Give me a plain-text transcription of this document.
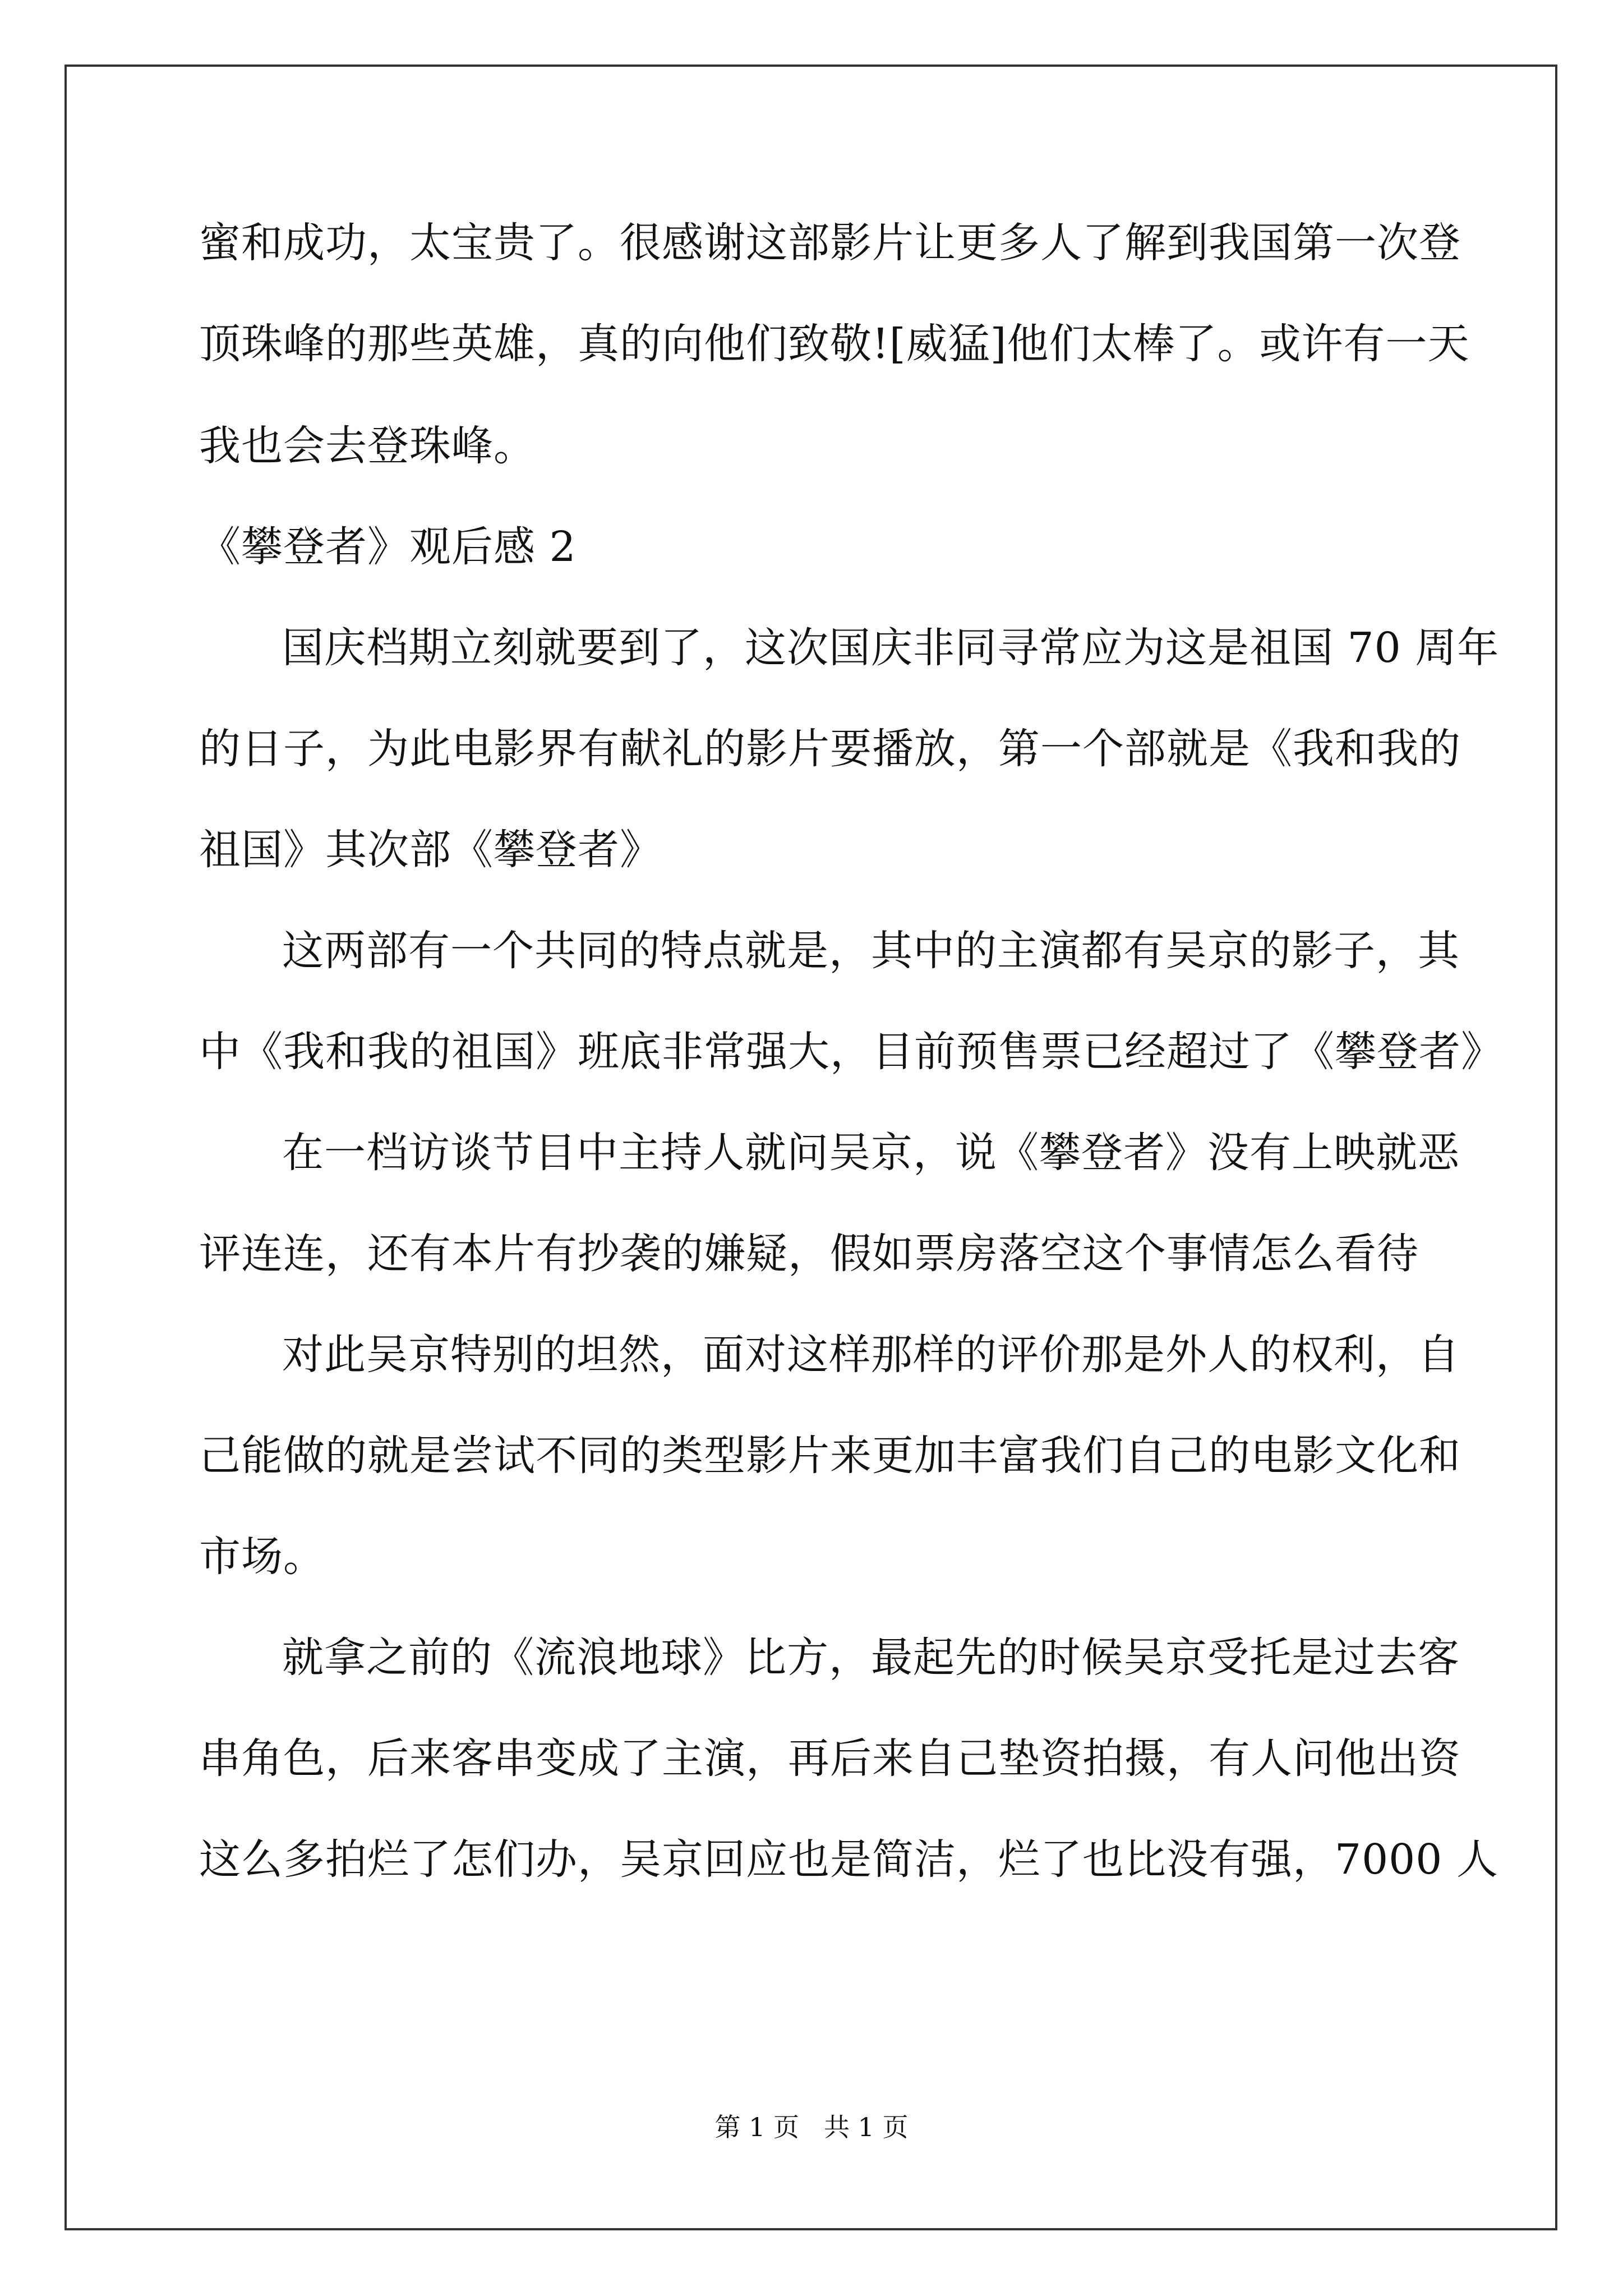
蜜和成功，太宝贵了。很感谢这部影片让更多人了解到我国第一次登
顶珠峰的那些英雄，真的向他们致敬![威猛]他们太棒了。或许有一天
我也会去登珠峰。
《攀登者》观后感 2
国庆档期立刻就要到了，这次国庆非同寻常应为这是祖国 70 周年
的日子，为此电影界有献礼的影片要播放，第一个部就是《我和我的
祖国》其次部《攀登者》
这两部有一个共同的特点就是，其中的主演都有吴京的影子，其
中《我和我的祖国》班底非常强大，目前预售票已经超过了《攀登者》
在一档访谈节目中主持人就问吴京，说《攀登者》没有上映就恶
评连连，还有本片有抄袭的嫌疑，假如票房落空这个事情怎么看待
对此吴京特别的坦然，面对这样那样的评价那是外人的权利，自
己能做的就是尝试不同的类型影片来更加丰富我们自己的电影文化和
市场。
就拿之前的《流浪地球》比方，最起先的时候吴京受托是过去客
串角色，后来客串变成了主演，再后来自己垫资拍摄，有人问他出资
这么多拍烂了怎们办，吴京回应也是简洁，烂了也比没有强，7000 人
第 1 页 共 1 页
